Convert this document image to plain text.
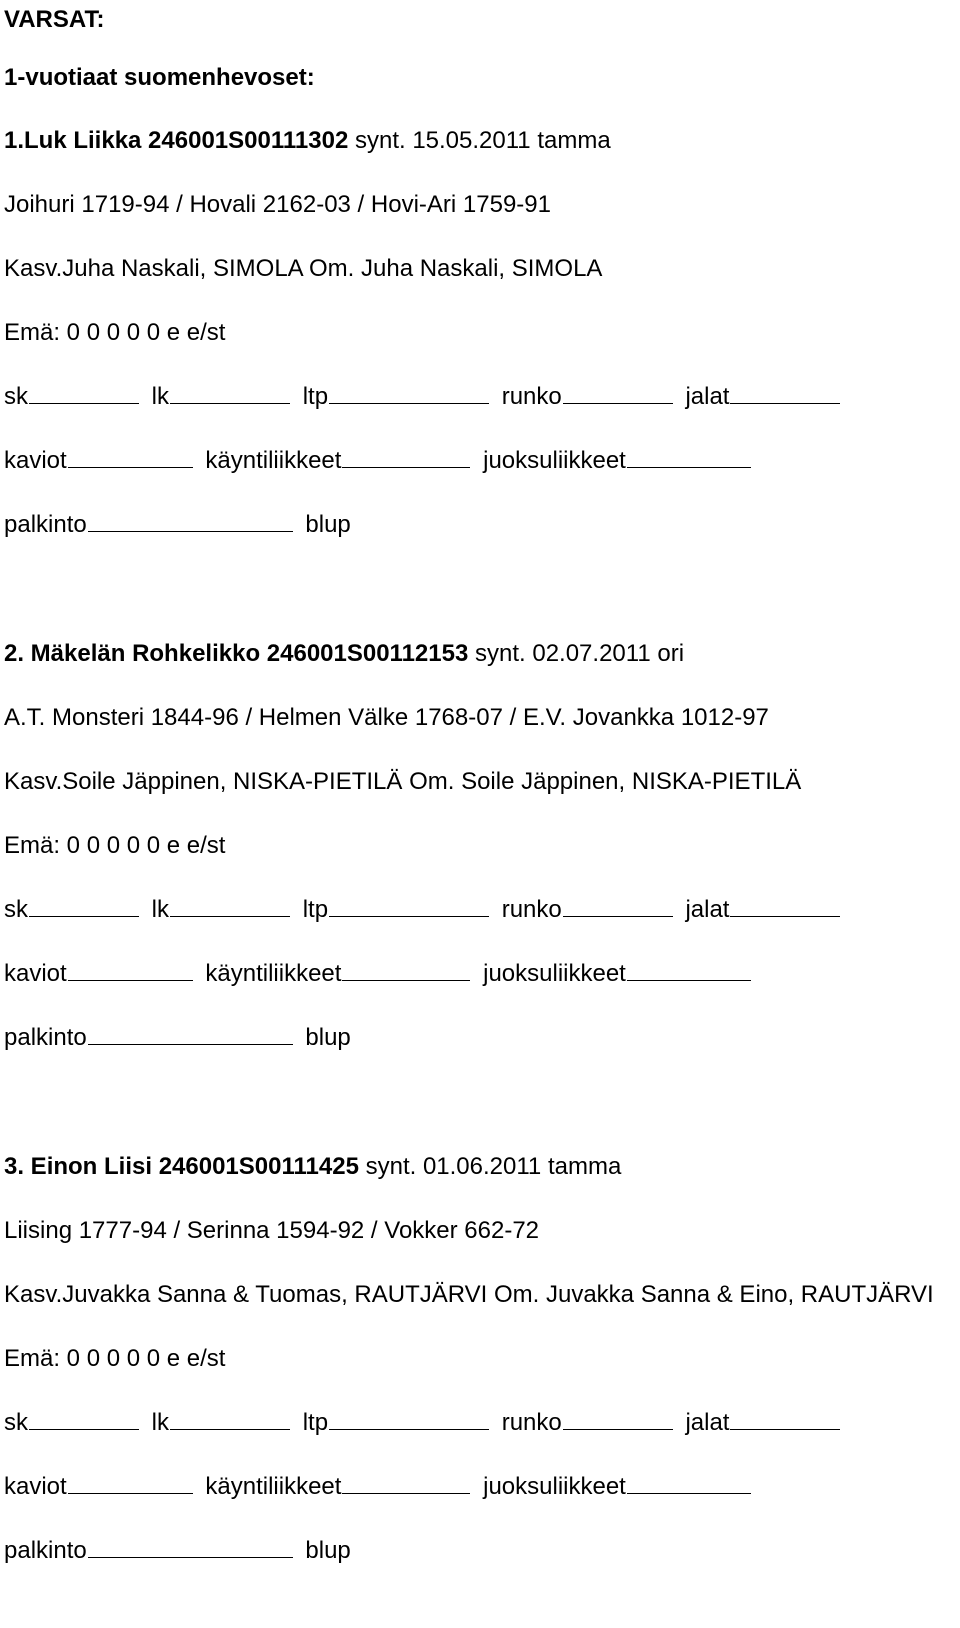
VARSAT:
1-vuotiaat suomenhevoset:
1.Luk Liikka 246001S00111302 synt. 15.05.2011 tamma
Joihuri 1719-94 / Hovali 2162-03 / Hovi-Ari 1759-91
Kasv.Juha Naskali, SIMOLA Om. Juha Naskali, SIMOLA
Emä: 0 0 0 0 0 e e/st
sk	lk	ltp	runko	jalat
kaviot	käyntiliikkeet	juoksuliikkeet
palkinto	blup
2. Mäkelän Rohkelikko 246001S00112153 synt. 02.07.2011 ori
A.T. Monsteri 1844-96 / Helmen Välke 1768-07 / E.V. Jovankka 1012-97
Kasv.Soile Jäppinen, NISKA-PIETILÄ Om. Soile Jäppinen, NISKA-PIETILÄ
Emä: 0 0 0 0 0 e e/st
sk	lk	ltp	runko	jalat
kaviot	käyntiliikkeet	juoksuliikkeet
palkinto	blup
3. Einon Liisi 246001S00111425 synt. 01.06.2011 tamma
Liising 1777-94 / Serinna 1594-92 / Vokker 662-72
Kasv.Juvakka Sanna & Tuomas, RAUTJÄRVI Om. Juvakka Sanna & Eino, RAUTJÄRVI
Emä: 0 0 0 0 0 e e/st
sk	lk	ltp	runko	jalat
kaviot	käyntiliikkeet	juoksuliikkeet
palkinto	blup
